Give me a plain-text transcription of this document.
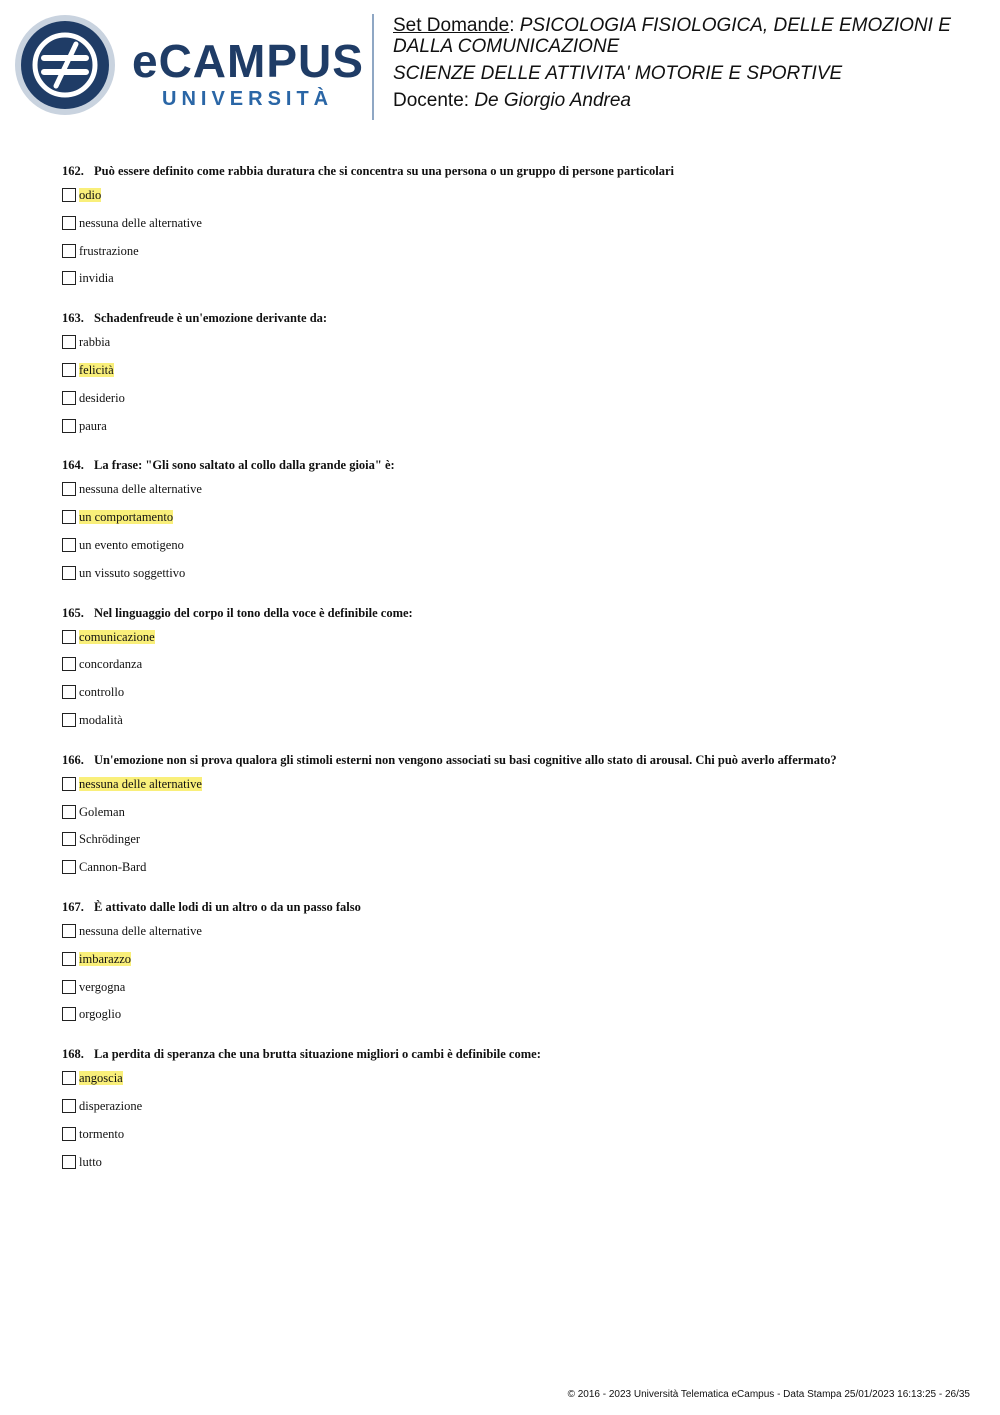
eCAMPUS
UNIVERSITÀ
Set Domande: PSICOLOGIA FISIOLOGICA, DELLE EMOZIONI E DALLA COMUNICAZIONE
SCIENZE DELLE ATTIVITA' MOTORIE E SPORTIVE
Docente: De Giorgio Andrea
162. Può essere definito come rabbia duratura che si concentra su una persona o un gruppo di persone particolari
odio
nessuna delle alternative
frustrazione
invidia
163. Schadenfreude è un'emozione derivante da:
rabbia
felicità
desiderio
paura
164. La frase: "Gli sono saltato al collo dalla grande gioia" è:
nessuna delle alternative
un comportamento
un evento emotigeno
un vissuto soggettivo
165. Nel linguaggio del corpo il tono della voce è definibile come:
comunicazione
concordanza
controllo
modalità
166. Un'emozione non si prova qualora gli stimoli esterni non vengono associati su basi cognitive allo stato di arousal. Chi può averlo affermato?
nessuna delle alternative
Goleman
Schrödinger
Cannon-Bard
167. È attivato dalle lodi di un altro o da un passo falso
nessuna delle alternative
imbarazzo
vergogna
orgoglio
168. La perdita di speranza che una brutta situazione migliori o cambi è definibile come:
angoscia
disperazione
tormento
lutto
© 2016 - 2023 Università Telematica eCampus - Data Stampa 25/01/2023 16:13:25 - 26/35
